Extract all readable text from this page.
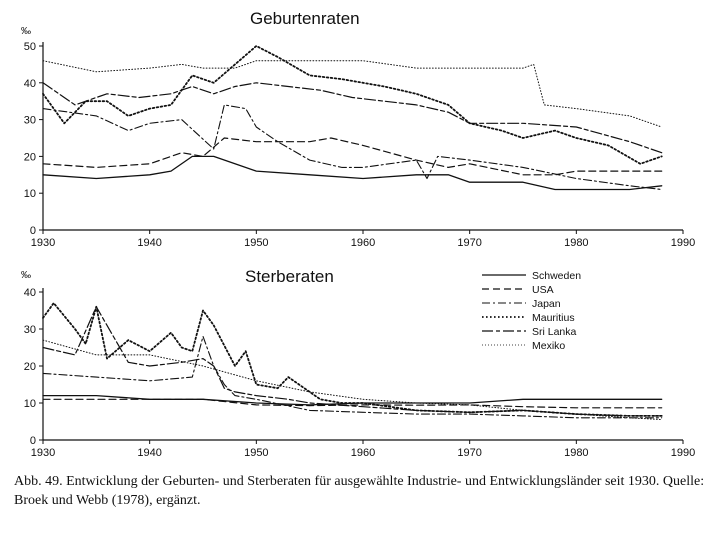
Geburtenraten
‰
0
10
20
30
40
50
1930	1940	1950	1960	1970	1980	1990
Sterberaten
‰
0
10
20
30
40
1930	1940	1950	1960	1970	1980	1990
Schweden
USA
Japan
Mauritius
Sri Lanka
Mexiko
Abb. 49. Entwicklung der Geburten- und Sterberaten für ausgewählte Industrie- und Entwicklungsländer seit 1930. Quelle: Broek und Webb (1978), ergänzt.
